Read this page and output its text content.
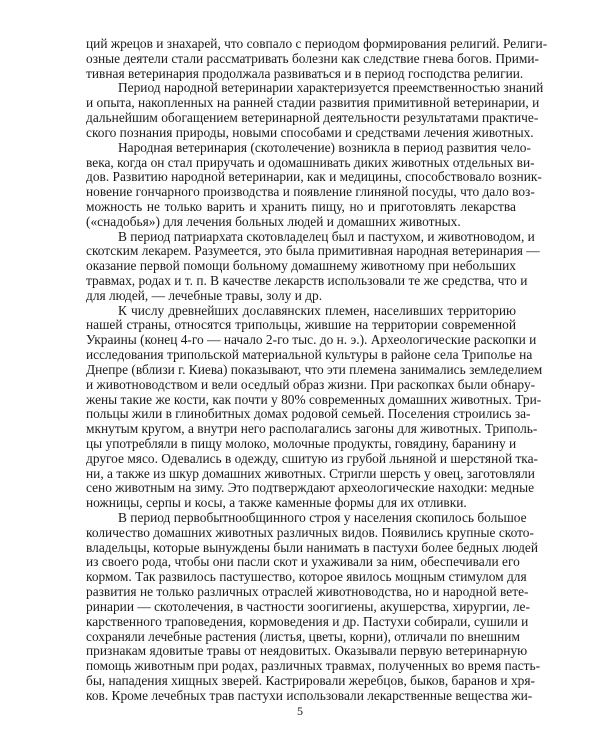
ций жрецов и знахарей, что совпало с периодом формирования религий. Религи-
озные деятели стали рассматривать болезни как следствие гнева богов. Прими-
тивная ветеринария продолжала развиваться и в период господства религии.
Период народной ветеринарии характеризуется преемственностью знаний
и опыта, накопленных на ранней стадии развития примитивной ветеринарии, и
дальнейшим обогащением ветеринарной деятельности результатами практиче-
ского познания природы, новыми способами и средствами лечения животных.
Народная ветеринария (скотолечение) возникла в период развития чело-
века, когда он стал приручать и одомашнивать диких животных отдельных ви-
дов. Развитию народной ветеринарии, как и медицины, способствовало возник-
новение гончарного производства и появление глиняной посуды, что дало воз-
можность не только варить и хранить пищу, но и приготовлять лекарства
(«снадобья») для лечения больных людей и домашних животных.
В период патриархата скотовладелец был и пастухом, и животноводом, и
скотским лекарем. Разумеется, это была примитивная народная ветеринария —
оказание первой помощи больному домашнему животному при небольших
травмах, родах и т. п. В качестве лекарств использовали те же средства, что и
для людей, — лечебные травы, золу и др.
К числу древнейших дославянских племен, населивших территорию
нашей страны, относятся трипольцы, жившие на территории современной
Украины (конец 4-го — начало 2-го тыс. до н. э.). Археологические раскопки и
исследования трипольской материальной культуры в районе села Триполье на
Днепре (вблизи г. Киева) показывают, что эти племена занимались земледелием
и животноводством и вели оседлый образ жизни. При раскопках были обнару-
жены такие же кости, как почти у 80% современных домашних животных. Три-
польцы жили в глинобитных домах родовой семьей. Поселения строились за-
мкнутым кругом, а внутри него располагались загоны для животных. Триполь-
цы употребляли в пищу молоко, молочные продукты, говядину, баранину и
другое мясо. Одевались в одежду, сшитую из грубой льняной и шерстяной тка-
ни, а также из шкур домашних животных. Стригли шерсть у овец, заготовляли
сено животным на зиму. Это подтверждают археологические находки: медные
ножницы, серпы и косы, а также каменные формы для их отливки.
В период первобытнообщинного строя у населения скопилось большое
количество домашних животных различных видов. Появились крупные ското-
владельцы, которые вынуждены были нанимать в пастухи более бедных людей
из своего рода, чтобы они пасли скот и ухаживали за ним, обеспечивали его
кормом. Так развилось пастушество, которое явилось мощным стимулом для
развития не только различных отраслей животноводства, но и народной вете-
ринарии — скотолечения, в частности зоогигиены, акушерства, хирургии, ле-
карственного траповедения, кормоведения и др. Пастухи собирали, сушили и
сохраняли лечебные растения (листья, цветы, корни), отличали по внешним
признакам ядовитые травы от неядовитых. Оказывали первую ветеринарную
помощь животным при родах, различных травмах, полученных во время пасть-
бы, нападения хищных зверей. Кастрировали жеребцов, быков, баранов и хря-
ков. Кроме лечебных трав пастухи использовали лекарственные вещества жи-
5
